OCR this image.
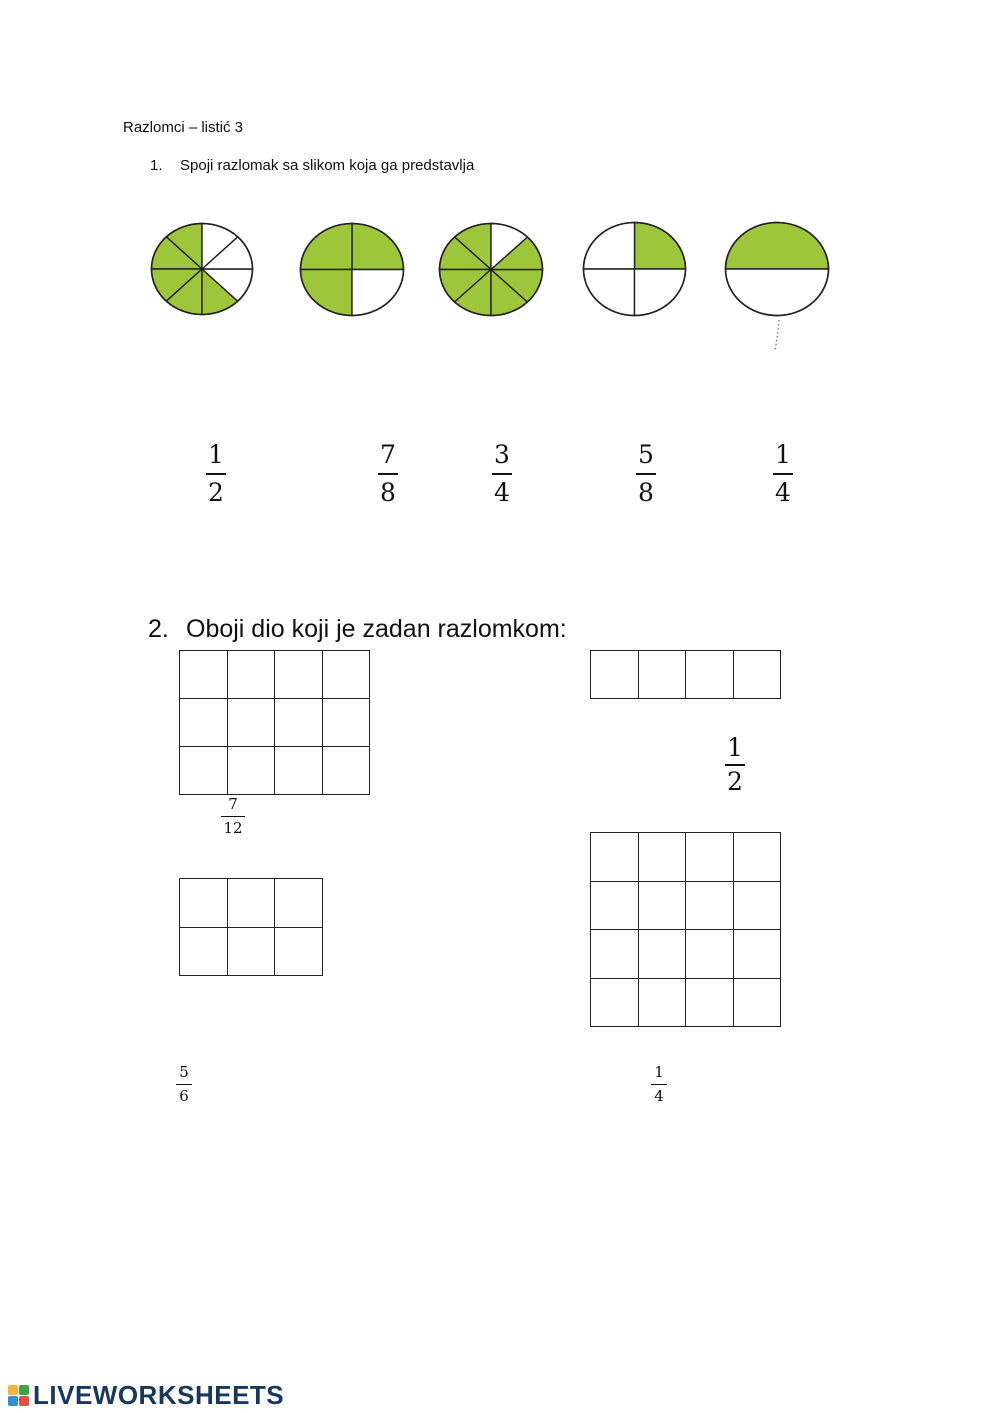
Razlomci – listić 3
1. Spoji razlomak sa slikom koja ga predstavlja
1
2
7
8
3
4
5
8
1
4
2. Oboji dio koji je zadan razlomkom:
7
12
1
2
5
6
1
4
LIVEWORKSHEETS
